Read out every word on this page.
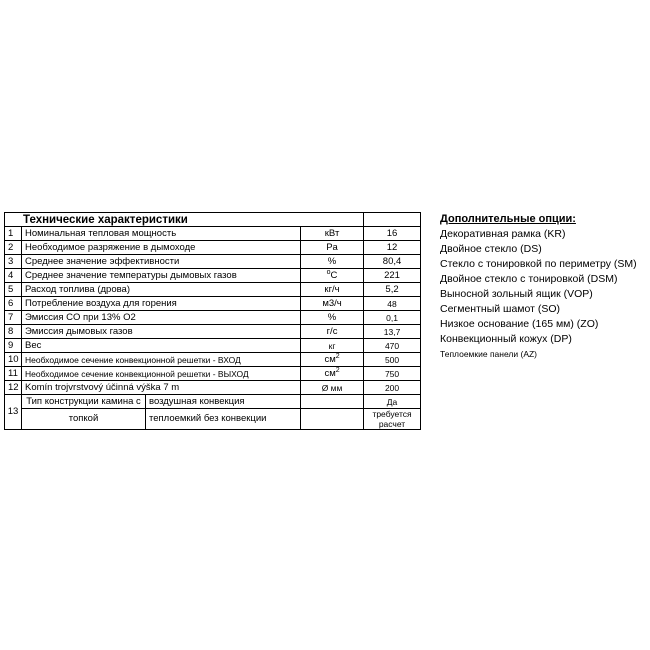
Технические характеристики				
1	Номинальная тепловая мощность		кВт	16
2	Необходимое разряжение в дымоходе		Pa	12
3	Среднее значение эффективности		%	80,4
4	Среднее значение температуры дымовых газов		$^o$C	221
5	Расход топлива (дрова)		кг/ч	5,2
6	Потребление воздуха для горения		м3/ч	48
7	Эмиссия CO при 13% O2		%	0,1
8	Эмиссия дымовых газов		г/с	13,7
9	Вес		кг	470
10	Необходимое сечение конвекционной решетки - ВХОД		$см^2$	500
11	Необходимое сечение конвекционной решетки - ВЫХОД		$см^2$	750
12	Komín trojvrstvový účinná výška 7 m		Ø мм	200
13	Тип конструкции камина с	воздушная конвекция		Да
	топкой	теплоемкий без конвекции		требуется
расчет
Дополнительные опции:
Декоративная рамка (KR)
Двойное стекло (DS)
Стекло с тонировкой по периметру (SM)
Двойное стекло с тонировкой (DSM)
Выносной зольный ящик (VOP)
Сегментный шамот (SO)
Низкое основание (165 мм) (ZO)
Конвекционный кожух (DP)
Теплоемкие панели (AZ)
